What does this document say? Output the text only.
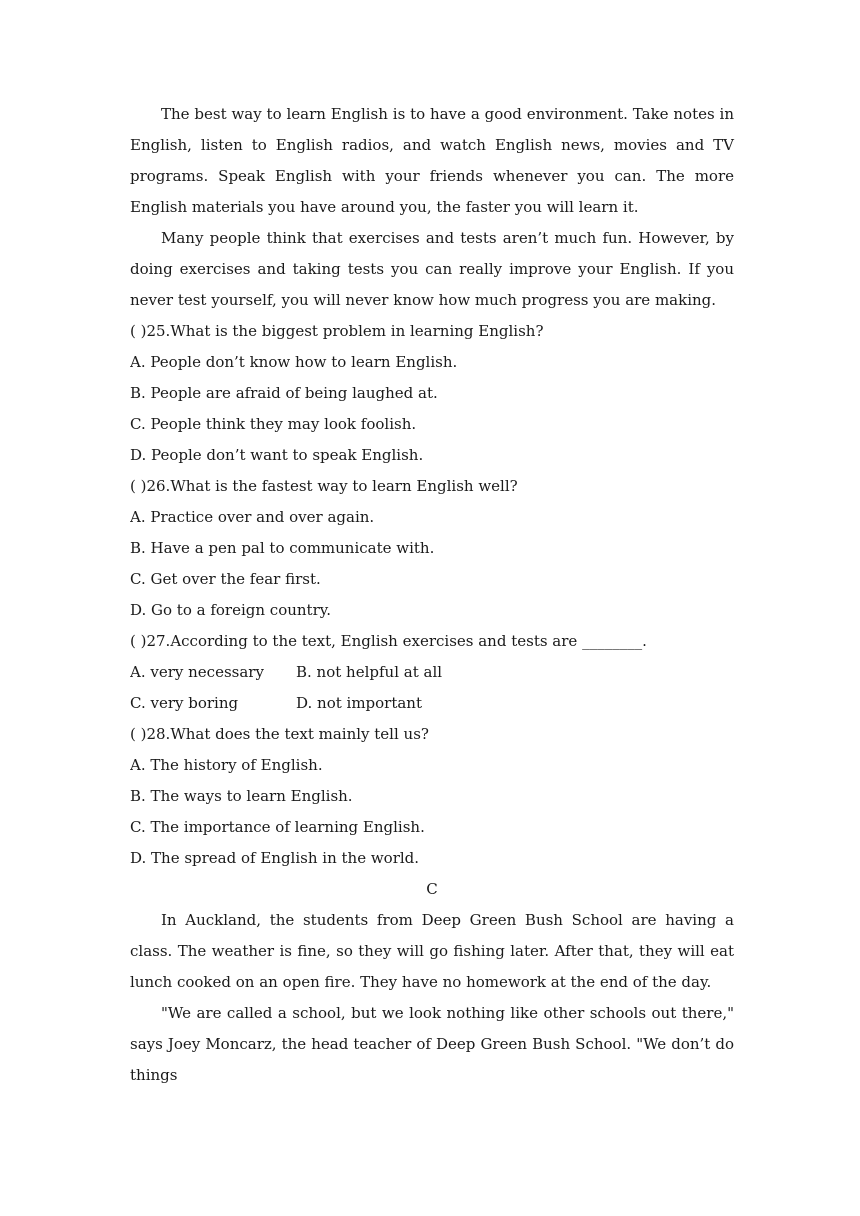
The best way to learn English is to have a good environment. Take notes in English, listen to English radios, and watch English news, movies and TV programs. Speak English with your friends whenever you can. The more English materials you have around you, the faster you will learn it.

Many people think that exercises and tests aren’t much fun. However, by doing exercises and taking tests you can really improve your English. If you never test yourself, you will never know how much progress you are making.

( )25.What is the biggest problem in learning English?
A. People don’t know how to learn English.
B. People are afraid of being laughed at.
C. People think they may look foolish.
D. People don’t want to speak English.
( )26.What is the fastest way to learn English well?
A. Practice over and over again.
B. Have a pen pal to communicate with.
C. Get over the fear first.
D. Go to a foreign country.
( )27.According to the text, English exercises and tests are ________.
A. very necessary	B. not helpful at all
C. very boring	D. not important
( )28.What does the text mainly tell us?
A. The history of English.
B. The ways to learn English.
C. The importance of learning English.
D. The spread of English in the world.
C

In Auckland, the students from Deep Green Bush School are having a class. The weather is fine, so they will go fishing later. After that, they will eat lunch cooked on an open fire. They have no homework at the end of the day.

"We are called a school, but we look nothing like other schools out there," says Joey Moncarz, the head teacher of Deep Green Bush School. "We don’t do things
